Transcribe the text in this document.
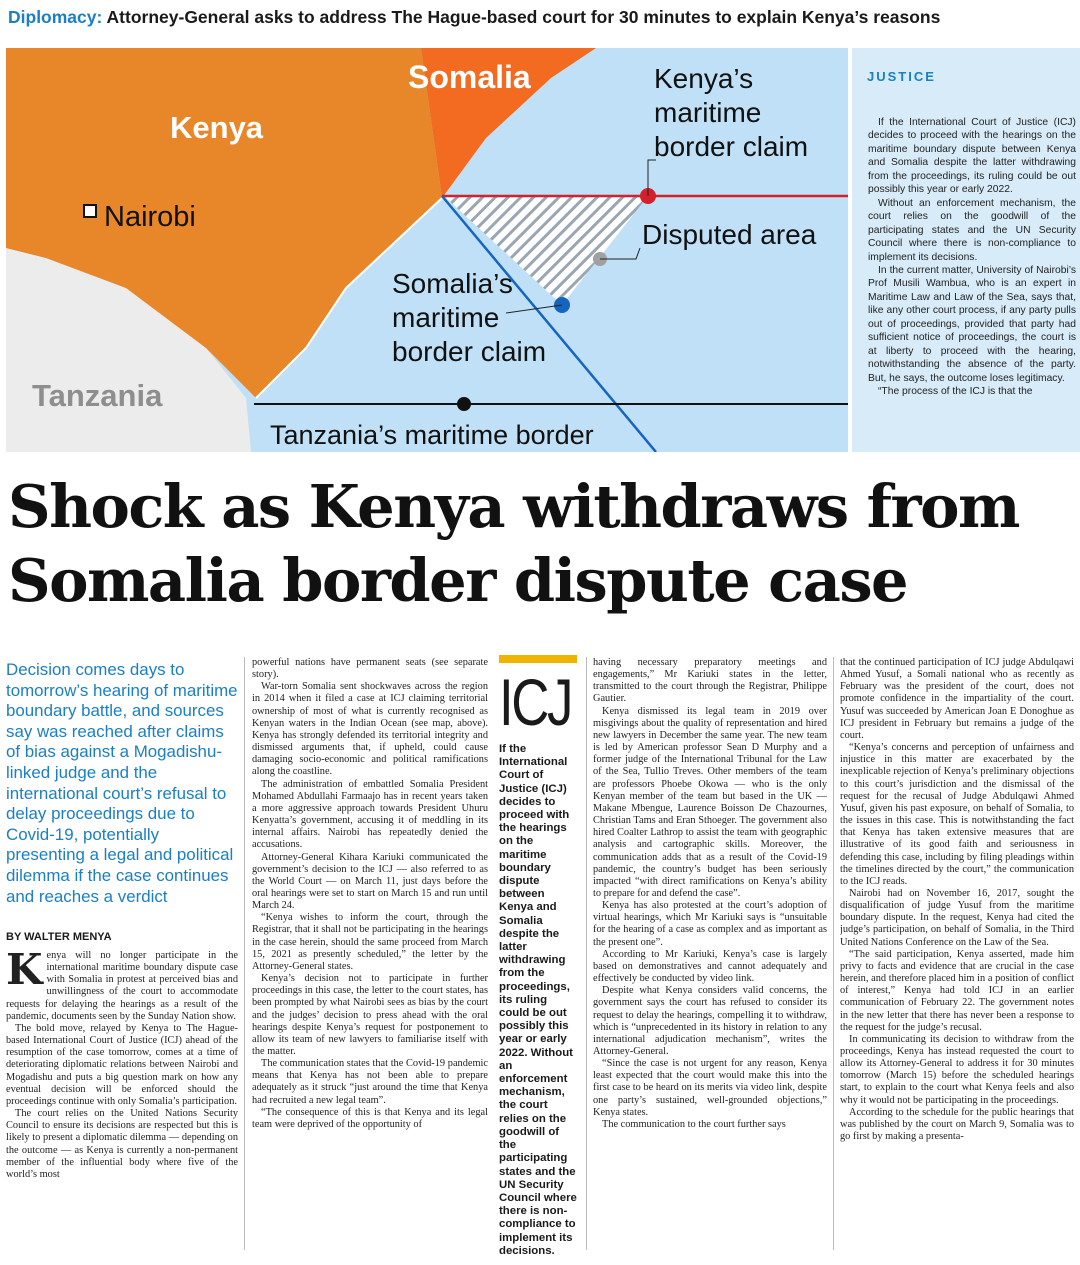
Diplomacy: Attorney-General asks to address The Hague-based court for 30 minutes to explain Kenya’s reasons
Somalia
Kenya
Nairobi
Tanzania
Kenya’s
maritime
border claim
Disputed area
Somalia’s
maritime
border claim
Tanzania’s maritime border
JUSTICE

If the International Court of Justice (ICJ) decides to proceed with the hearings on the maritime boundary dispute between Kenya and Somalia despite the latter withdrawing from the proceedings, its ruling could be out possibly this year or early 2022.

Without an enforcement mechanism, the court relies on the goodwill of the participating states and the UN Security Council where there is non-compliance to implement its decisions.

In the current matter, University of Nairobi’s Prof Musili Wambua, who is an expert in Maritime Law and Law of the Sea, says that, like any other court process, if any party pulls out of proceedings, provided that party had sufficient notice of proceedings, the court is at liberty to proceed with the hearing, notwithstanding the absence of the party. But, he says, the outcome loses legitimacy.

“The process of the ICJ is that the

Shock as Kenya withdraws from Somalia border dispute case
Decision comes days to tomorrow’s hearing of maritime boundary battle, and sources say was reached after claims of bias against a Mogadishu-linked judge and the international court’s refusal to delay proceedings due to Covid-19, potentially presenting a legal and political dilemma if the case continues and reaches a verdict
BY WALTER MENYA

Kenya will no longer participate in the international maritime boundary dispute case with Somalia in protest at perceived bias and unwillingness of the court to accommodate requests for delaying the hearings as a result of the pandemic, documents seen by the Sunday Nation show.

The bold move, relayed by Kenya to The Hague-based International Court of Justice (ICJ) ahead of the resumption of the case tomorrow, comes at a time of deteriorating diplomatic relations between Nairobi and Mogadishu and puts a big question mark on how any eventual decision will be enforced should the proceedings continue with only Somalia’s participation.

The court relies on the United Nations Security Council to ensure its decisions are respected but this is likely to present a diplomatic dilemma — depending on the outcome — as Kenya is currently a non-permanent member of the influential body where five of the world’s most

powerful nations have permanent seats (see separate story).

War-torn Somalia sent shockwaves across the region in 2014 when it filed a case at ICJ claiming territorial ownership of most of what is currently recognised as Kenyan waters in the Indian Ocean (see map, above). Kenya has strongly defended its territorial integrity and dismissed arguments that, if upheld, could cause damaging socio-economic and political ramifications along the coastline.

The administration of embattled Somalia President Mohamed Abdullahi Farmaajo has in recent years taken a more aggressive approach towards President Uhuru Kenyatta’s government, accusing it of meddling in its internal affairs. Nairobi has repeatedly denied the accusations.

Attorney-General Kihara Kariuki communicated the government’s decision to the ICJ — also referred to as the World Court — on March 11, just days before the oral hearings were set to start on March 15 and run until March 24.

“Kenya wishes to inform the court, through the Registrar, that it shall not be participating in the hearings in the case herein, should the same proceed from March 15, 2021 as presently scheduled,” the letter by the Attorney-General states.

Kenya’s decision not to participate in further proceedings in this case, the letter to the court states, has been prompted by what Nairobi sees as bias by the court and the judges’ decision to press ahead with the oral hearings despite Kenya’s request for postponement to allow its team of new lawyers to familiarise itself with the matter.

The communication states that the Covid-19 pandemic means that Kenya has not been able to prepare adequately as it struck “just around the time that Kenya had recruited a new legal team”.

“The consequence of this is that Kenya and its legal team were deprived of the opportunity of

ICJ
If the International Court of Justice (ICJ) decides to proceed with the hearings on the maritime boundary dispute between Kenya and Somalia despite the latter withdrawing from the proceedings, its ruling could be out possibly this year or early 2022. Without an enforcement mechanism, the court relies on the goodwill of the participating states and the UN Security Council where there is non-compliance to implement its decisions.

having necessary preparatory meetings and engagements,” Mr Kariuki states in the letter, transmitted to the court through the Registrar, Philippe Gautier.

Kenya dismissed its legal team in 2019 over misgivings about the quality of representation and hired new lawyers in December the same year. The new team is led by American professor Sean D Murphy and a former judge of the International Tribunal for the Law of the Sea, Tullio Treves. Other members of the team are professors Phoebe Okowa — who is the only Kenyan member of the team but based in the UK — Makane Mbengue, Laurence Boisson De Chazournes, Christian Tams and Eran Sthoeger. The government also hired Coalter Lathrop to assist the team with geographic analysis and cartographic skills. Moreover, the communication adds that as a result of the Covid-19 pandemic, the country’s budget has been seriously impacted “with direct ramifications on Kenya’s ability to prepare for and defend the case”.

Kenya has also protested at the court’s adoption of virtual hearings, which Mr Kariuki says is “unsuitable for the hearing of a case as complex and as important as the present one”.

According to Mr Kariuki, Kenya’s case is largely based on demonstratives and cannot adequately and effectively be conducted by video link.

Despite what Kenya considers valid concerns, the government says the court has refused to consider its request to delay the hearings, compelling it to withdraw, which is “unprecedented in its history in relation to any international adjudication mechanism”, writes the Attorney-General.

“Since the case is not urgent for any reason, Kenya least expected that the court would make this into the first case to be heard on its merits via video link, despite one party’s sustained, well-grounded objections,” Kenya states.

The communication to the court further says

that the continued participation of ICJ judge Abdulqawi Ahmed Yusuf, a Somali national who as recently as February was the president of the court, does not promote confidence in the impartiality of the court. Yusuf was succeeded by American Joan E Donoghue as ICJ president in February but remains a judge of the court.

“Kenya’s concerns and perception of unfairness and injustice in this matter are exacerbated by the inexplicable rejection of Kenya’s preliminary objections to this court’s jurisdiction and the dismissal of the request for the recusal of Judge Abdulqawi Ahmed Yusuf, given his past exposure, on behalf of Somalia, to the issues in this case. This is notwithstanding the fact that Kenya has taken extensive measures that are illustrative of its good faith and seriousness in defending this case, including by filing pleadings within the timelines directed by the court,” the communication to the ICJ reads.

Nairobi had on November 16, 2017, sought the disqualification of judge Yusuf from the maritime boundary dispute. In the request, Kenya had cited the judge’s participation, on behalf of Somalia, in the Third United Nations Conference on the Law of the Sea.

“The said participation, Kenya asserted, made him privy to facts and evidence that are crucial in the case herein, and therefore placed him in a position of conflict of interest,” Kenya had told ICJ in an earlier communication of February 22. The government notes in the new letter that there has never been a response to the request for the judge’s recusal.

In communicating its decision to withdraw from the proceedings, Kenya has instead requested the court to allow its Attorney-General to address it for 30 minutes tomorrow (March 15) before the scheduled hearings start, to explain to the court what Kenya feels and also why it would not be participating in the proceedings.

According to the schedule for the public hearings that was published by the court on March 9, Somalia was to go first by making a presenta-
